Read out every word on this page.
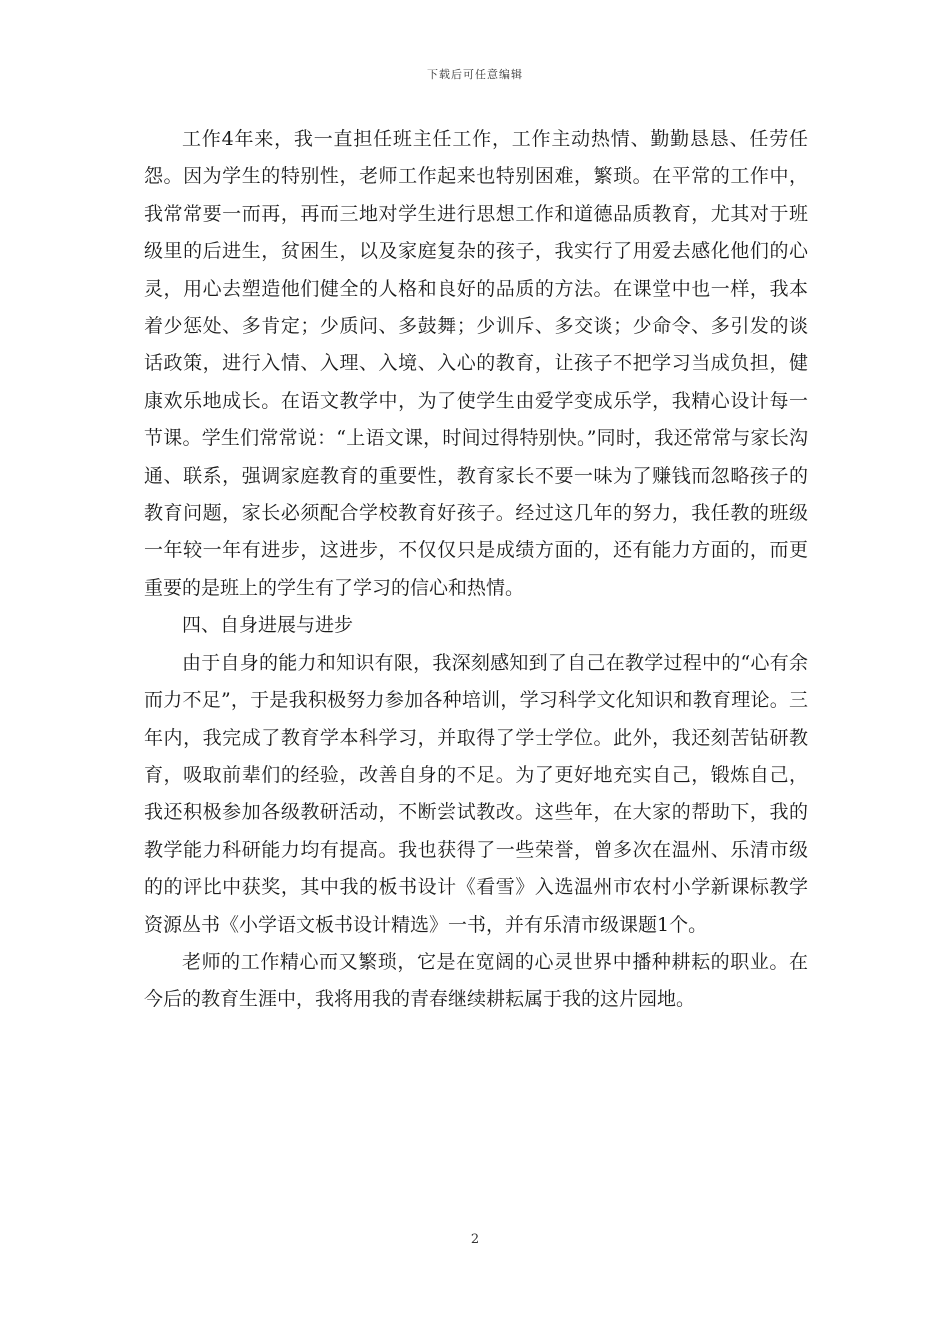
下载后可任意编辑

工作4年来，我一直担任班主任工作，工作主动热情、勤勤恳恳、任劳任怨。因为学生的特别性，老师工作起来也特别困难，繁琐。在平常的工作中，我常常要一而再，再而三地对学生进行思想工作和道德品质教育，尤其对于班级里的后进生，贫困生，以及家庭复杂的孩子，我实行了用爱去感化他们的心灵，用心去塑造他们健全的人格和良好的品质的方法。在课堂中也一样，我本着少惩处、多肯定；少质问、多鼓舞；少训斥、多交谈；少命令、多引发的谈话政策，进行入情、入理、入境、入心的教育，让孩子不把学习当成负担，健康欢乐地成长。在语文教学中，为了使学生由爱学变成乐学，我精心设计每一节课。学生们常常说：“上语文课，时间过得特别快。”同时，我还常常与家长沟通、联系，强调家庭教育的重要性，教育家长不要一味为了赚钱而忽略孩子的教育问题，家长必须配合学校教育好孩子。经过这几年的努力，我任教的班级一年较一年有进步，这进步，不仅仅只是成绩方面的，还有能力方面的，而更重要的是班上的学生有了学习的信心和热情。

四、自身进展与进步

由于自身的能力和知识有限，我深刻感知到了自己在教学过程中的“心有余而力不足”，于是我积极努力参加各种培训，学习科学文化知识和教育理论。三年内，我完成了教育学本科学习，并取得了学士学位。此外，我还刻苦钻研教育，吸取前辈们的经验，改善自身的不足。为了更好地充实自己，锻炼自己，我还积极参加各级教研活动，不断尝试教改。这些年，在大家的帮助下，我的教学能力科研能力均有提高。我也获得了一些荣誉，曾多次在温州、乐清市级的的评比中获奖，其中我的板书设计《看雪》入选温州市农村小学新课标教学资源丛书《小学语文板书设计精选》一书，并有乐清市级课题1个。

老师的工作精心而又繁琐，它是在宽阔的心灵世界中播种耕耘的职业。在今后的教育生涯中，我将用我的青春继续耕耘属于我的这片园地。

2
